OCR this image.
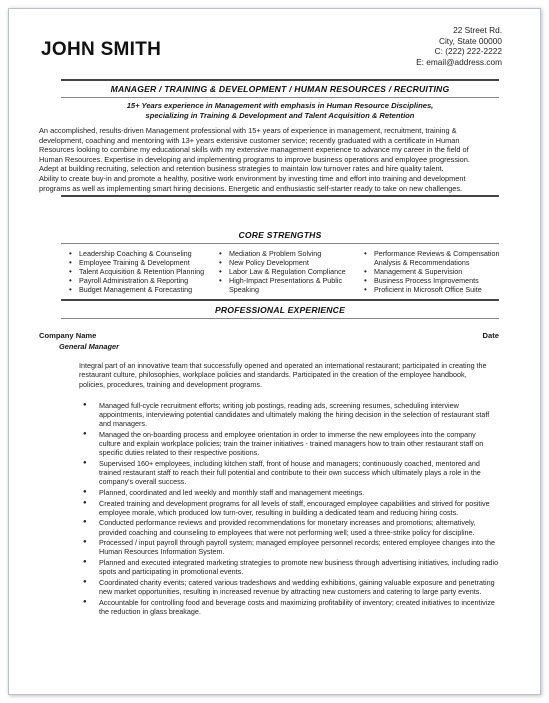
JOHN SMITH
22 Street Rd.
City, State 00000
C: (222) 222-2222
E: email@address.com
MANAGER / TRAINING & DEVELOPMENT / HUMAN RESOURCES / RECRUITING
15+ Years experience in Management with emphasis in Human Resource Disciplines,
specializing in Training & Development and Talent Acquisition & Retention
An accomplished, results-driven Management professional with 15+ years of experience in management, recruitment, training &
development, coaching and mentoring with 13+ years extensive customer service; recently graduated with a certificate in Human
Resources looking to combine my educational skills with my extensive management experience to advance my career in the field of
Human Resources. Expertise in developing and implementing programs to improve business operations and employee progression.
Adept at building recruiting, selection and retention business strategies to maintain low turnover rates and hire quality talent.
Ability to create buy-in and promote a healthy, positive work environment by investing time and effort into training and development
programs as well as implementing smart hiring decisions. Energetic and enthusiastic self-starter ready to take on new challenges.
CORE STRENGTHS
• Leadership Coaching & Counseling
• Employee Training & Development
• Talent Acquisition & Retention Planning
• Payroll Administration & Reporting
• Budget Management & Forecasting
• Mediation & Problem Solving
• New Policy Development
• Labor Law & Regulation Compliance
• High-Impact Presentations & Public Speaking
• Performance Reviews & Compensation Analysis & Recommendations
• Management & Supervision
• Business Process Improvements
• Proficient in Microsoft Office Suite
PROFESSIONAL EXPERIENCE
Company Name	Date
General Manager
Integral part of an innovative team that successfully opened and operated an international restaurant; participated in creating the
restaurant culture, philosophies, workplace policies and standards. Participated in the creation of the employee handbook,
policies, procedures, training and development programs.
● Managed full-cycle recruitment efforts; writing job postings, reading ads, screening resumes, scheduling interview appointments, interviewing potential candidates and ultimately making the hiring decision in the selection of restaurant staff and managers.
● Managed the on-boarding process and employee orientation in order to immerse the new employees into the company culture and explain workplace policies; train the trainer initiatives - trained managers how to train other restaurant staff on specific duties related to their respective positions.
● Supervised 160+ employees, including kitchen staff, front of house and managers; continuously coached, mentored and trained restaurant staff to reach their full potential and contribute to their own success which ultimately plays a role in the company's overall success.
● Planned, coordinated and led weekly and monthly staff and management meetings.
● Created training and development programs for all levels of staff, encouraged employee capabilities and strived for positive employee morale, which produced low turn-over, resulting in building a dedicated team and reducing hiring costs.
● Conducted performance reviews and provided recommendations for monetary increases and promotions; alternatively, provided coaching and counseling to employees that were not performing well; used a three-strike policy for discipline.
● Processed / input payroll through payroll system; managed employee personnel records; entered employee changes into the Human Resources Information System.
● Planned and executed integrated marketing strategies to promote new business through advertising initiatives, including radio spots and participating in promotional events.
● Coordinated charity events; catered various tradeshows and wedding exhibitions, gaining valuable exposure and penetrating new market opportunities, resulting in increased revenue by attracting new customers and catering to large party events.
● Accountable for controlling food and beverage costs and maximizing profitability of inventory; created initiatives to incentivize the reduction in glass breakage.
